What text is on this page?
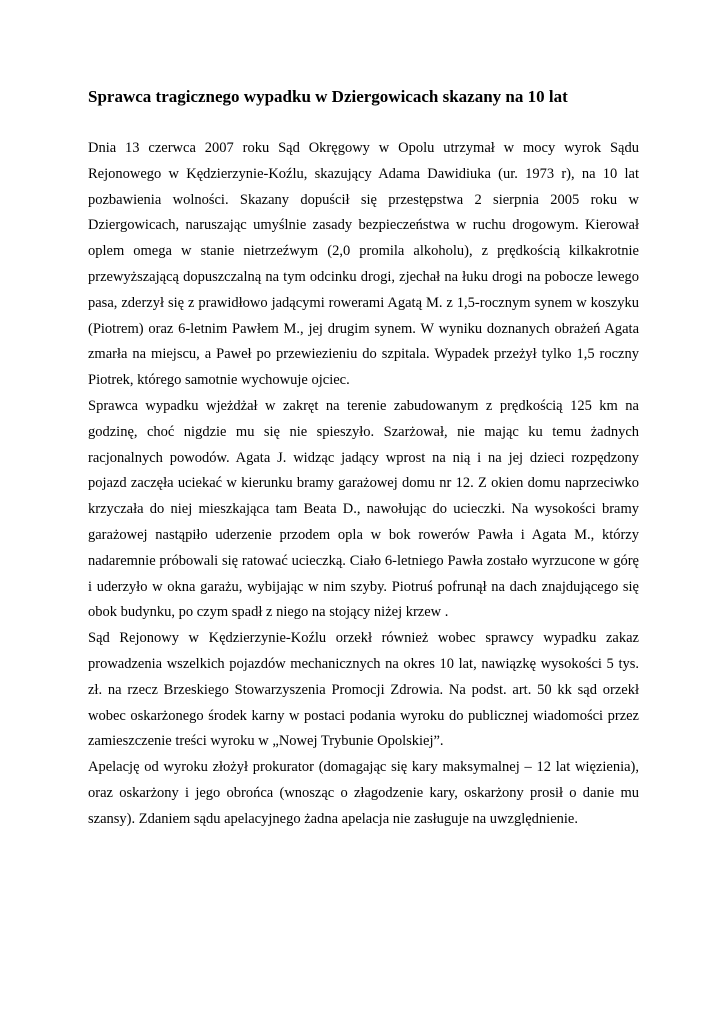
Sprawca tragicznego wypadku w Dziergowicach skazany na 10 lat

Dnia 13 czerwca 2007 roku Sąd Okręgowy w Opolu utrzymał w mocy wyrok Sądu Rejonowego w Kędzierzynie-Koźlu, skazujący Adama Dawidiuka (ur. 1973 r), na 10 lat pozbawienia wolności. Skazany dopuścił się przestępstwa 2 sierpnia 2005 roku w Dziergowicach, naruszając umyślnie zasady bezpieczeństwa w ruchu drogowym. Kierował oplem omega w stanie nietrzeźwym (2,0 promila alkoholu), z prędkością kilkakrotnie przewyższającą dopuszczalną na tym odcinku drogi, zjechał na łuku drogi na pobocze lewego pasa, zderzył się z prawidłowo jadącymi rowerami Agatą M. z 1,5-rocznym synem w koszyku (Piotrem) oraz 6-letnim Pawłem M., jej drugim synem. W wyniku doznanych obrażeń Agata zmarła na miejscu, a Paweł po przewiezieniu do szpitala. Wypadek przeżył tylko 1,5 roczny Piotrek, którego samotnie wychowuje ojciec.

Sprawca wypadku wjeżdżał w zakręt na terenie zabudowanym z prędkością 125 km na godzinę, choć nigdzie mu się nie spieszyło. Szarżował, nie mając ku temu żadnych racjonalnych powodów. Agata J. widząc jadący wprost na nią i na jej dzieci rozpędzony pojazd zaczęła uciekać w kierunku bramy garażowej domu nr 12. Z okien domu naprzeciwko krzyczała do niej mieszkająca tam Beata D., nawołując do ucieczki. Na wysokości bramy garażowej nastąpiło uderzenie przodem opla w bok rowerów Pawła i Agata M., którzy nadaremnie próbowali się ratować ucieczką. Ciało 6-letniego Pawła zostało wyrzucone w górę i uderzyło w okna garażu, wybijając w nim szyby. Piotruś pofrunął na dach znajdującego się obok budynku, po czym spadł z niego na stojący niżej krzew .

Sąd Rejonowy w Kędzierzynie-Koźlu orzekł również wobec sprawcy wypadku zakaz prowadzenia wszelkich pojazdów mechanicznych na okres 10 lat, nawiązkę wysokości 5 tys. zł. na rzecz Brzeskiego Stowarzyszenia Promocji Zdrowia. Na podst. art. 50 kk sąd orzekł wobec oskarżonego środek karny w postaci podania wyroku do publicznej wiadomości przez zamieszczenie treści wyroku w „Nowej Trybunie Opolskiej”.

Apelację od wyroku złożył prokurator (domagając się kary maksymalnej – 12 lat więzienia), oraz oskarżony i jego obrońca (wnosząc o złagodzenie kary, oskarżony prosił o danie mu szansy). Zdaniem sądu apelacyjnego żadna apelacja nie zasługuje na uwzględnienie.
